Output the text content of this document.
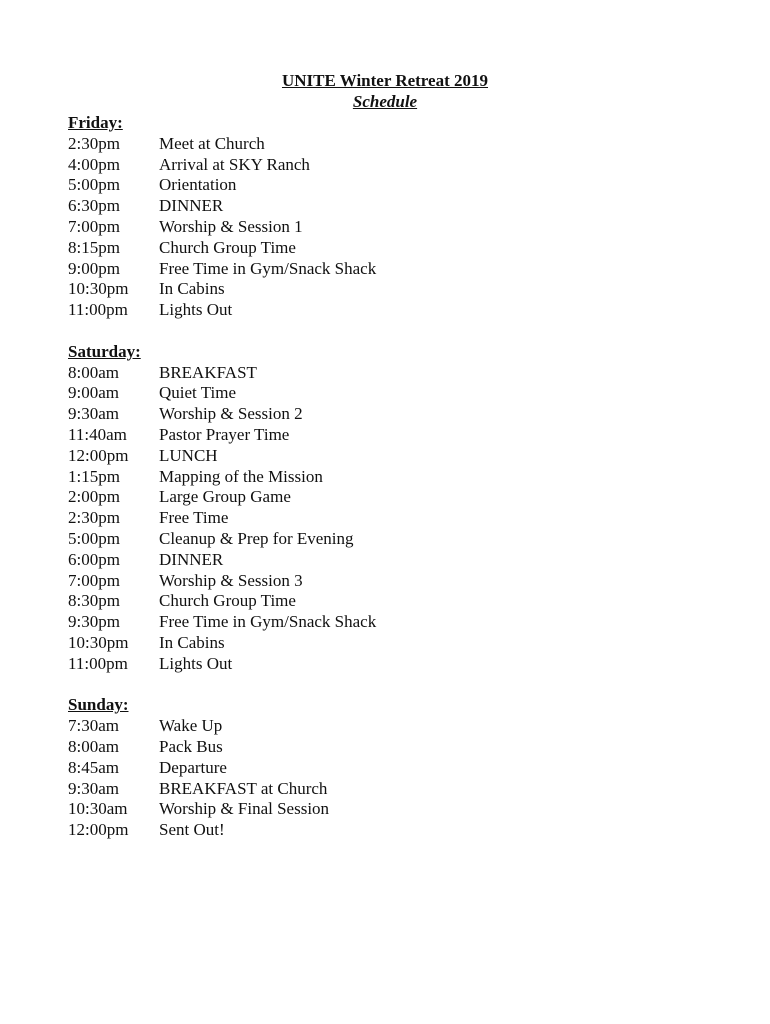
UNITE Winter Retreat 2019
Schedule
Friday:
2:30pm	Meet at Church
4:00pm	Arrival at SKY Ranch
5:00pm	Orientation
6:30pm	DINNER
7:00pm	Worship & Session 1
8:15pm	Church Group Time
9:00pm	Free Time in Gym/Snack Shack
10:30pm	In Cabins
11:00pm	Lights Out
Saturday:
8:00am	BREAKFAST
9:00am	Quiet Time
9:30am	Worship & Session 2
11:40am	Pastor Prayer Time
12:00pm	LUNCH
1:15pm	Mapping of the Mission
2:00pm	Large Group Game
2:30pm	Free Time
5:00pm	Cleanup & Prep for Evening
6:00pm	DINNER
7:00pm	Worship & Session 3
8:30pm	Church Group Time
9:30pm	Free Time in Gym/Snack Shack
10:30pm	In Cabins
11:00pm	Lights Out
Sunday:
7:30am	Wake Up
8:00am	Pack Bus
8:45am	Departure
9:30am	BREAKFAST at Church
10:30am	Worship & Final Session
12:00pm	Sent Out!
